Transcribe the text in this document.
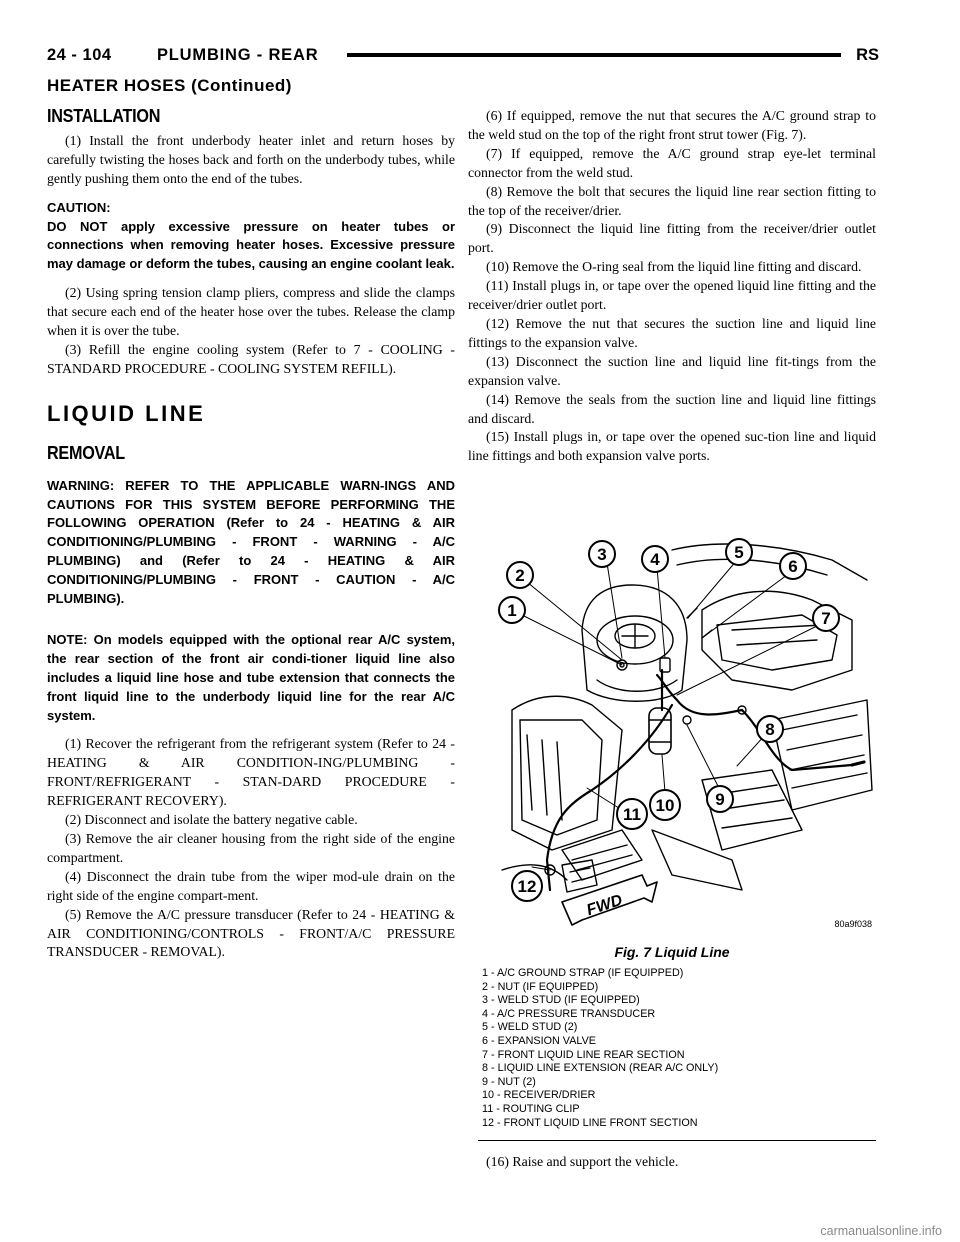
24 - 104	PLUMBING - REAR	RS
HEATER HOSES (Continued)
INSTALLATION

(1) Install the front underbody heater inlet and return hoses by carefully twisting the hoses back and forth on the underbody tubes, while gently pushing them onto the end of the tubes.

CAUTION:
DO NOT apply excessive pressure on heater tubes or connections when removing heater hoses. Excessive pressure may damage or deform the tubes, causing an engine coolant leak.

(2) Using spring tension clamp pliers, compress and slide the clamps that secure each end of the heater hose over the tubes. Release the clamp when it is over the tube.

(3) Refill the engine cooling system (Refer to 7 - COOLING - STANDARD PROCEDURE - COOLING SYSTEM REFILL).

LIQUID LINE
REMOVAL

WARNING: REFER TO THE APPLICABLE WARN-INGS AND CAUTIONS FOR THIS SYSTEM BEFORE PERFORMING THE FOLLOWING OPERATION (Refer to 24 - HEATING & AIR CONDITIONING/PLUMBING - FRONT - WARNING - A/C PLUMBING) and (Refer to 24 - HEATING & AIR CONDITIONING/PLUMBING - FRONT - CAUTION - A/C PLUMBING).

NOTE: On models equipped with the optional rear A/C system, the rear section of the front air condi-tioner liquid line also includes a liquid line hose and tube extension that connects the front liquid line to the underbody liquid line for the rear A/C system.

(1) Recover the refrigerant from the refrigerant system (Refer to 24 - HEATING & AIR CONDITION-ING/PLUMBING - FRONT/REFRIGERANT - STAN-DARD PROCEDURE - REFRIGERANT RECOVERY).

(2) Disconnect and isolate the battery negative cable.

(3) Remove the air cleaner housing from the right side of the engine compartment.

(4) Disconnect the drain tube from the wiper mod-ule drain on the right side of the engine compart-ment.

(5) Remove the A/C pressure transducer (Refer to 24 - HEATING & AIR CONDITIONING/CONTROLS - FRONT/A/C PRESSURE TRANSDUCER - REMOVAL).

(6) If equipped, remove the nut that secures the A/C ground strap to the weld stud on the top of the right front strut tower (Fig. 7).

(7) If equipped, remove the A/C ground strap eye-let terminal connector from the weld stud.

(8) Remove the bolt that secures the liquid line rear section fitting to the top of the receiver/drier.

(9) Disconnect the liquid line fitting from the receiver/drier outlet port.

(10) Remove the O-ring seal from the liquid line fitting and discard.

(11) Install plugs in, or tape over the opened liquid line fitting and the receiver/drier outlet port.

(12) Remove the nut that secures the suction line and liquid line fittings to the expansion valve.

(13) Disconnect the suction line and liquid line fit-tings from the expansion valve.

(14) Remove the seals from the suction line and liquid line fittings and discard.

(15) Install plugs in, or tape over the opened suc-tion line and liquid line fittings and both expansion valve ports.

FWD
1
2
3	4	5
6
7
8
9
10
11
12
80a9f038
Fig. 7 Liquid Line
1 - A/C GROUND STRAP (IF EQUIPPED)
2 - NUT (IF EQUIPPED)
3 - WELD STUD (IF EQUIPPED)
4 - A/C PRESSURE TRANSDUCER
5 - WELD STUD (2)
6 - EXPANSION VALVE
7 - FRONT LIQUID LINE REAR SECTION
8 - LIQUID LINE EXTENSION (REAR A/C ONLY)
9 - NUT (2)
10 - RECEIVER/DRIER
11 - ROUTING CLIP
12 - FRONT LIQUID LINE FRONT SECTION
(16) Raise and support the vehicle.
carmanualsonline.info
